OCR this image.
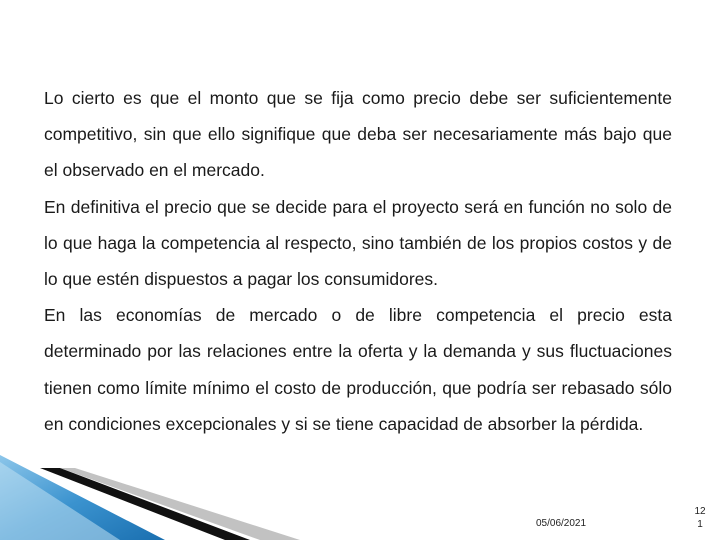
Lo cierto es que el monto que se fija como precio debe ser suficientemente competitivo, sin que ello signifique que deba ser necesariamente más bajo que el observado en el mercado.

En definitiva el precio que se decide para el proyecto será en función no solo de lo que haga la competencia al respecto, sino también de los propios costos y de lo que estén dispuestos a pagar los consumidores.

En las economías de mercado o de libre competencia el precio esta determinado por las relaciones entre la oferta y la demanda y sus fluctuaciones tienen como límite mínimo el costo de producción, que podría ser rebasado sólo en condiciones excepcionales y si se tiene capacidad de absorber la pérdida.

05/06/2021
12
1
